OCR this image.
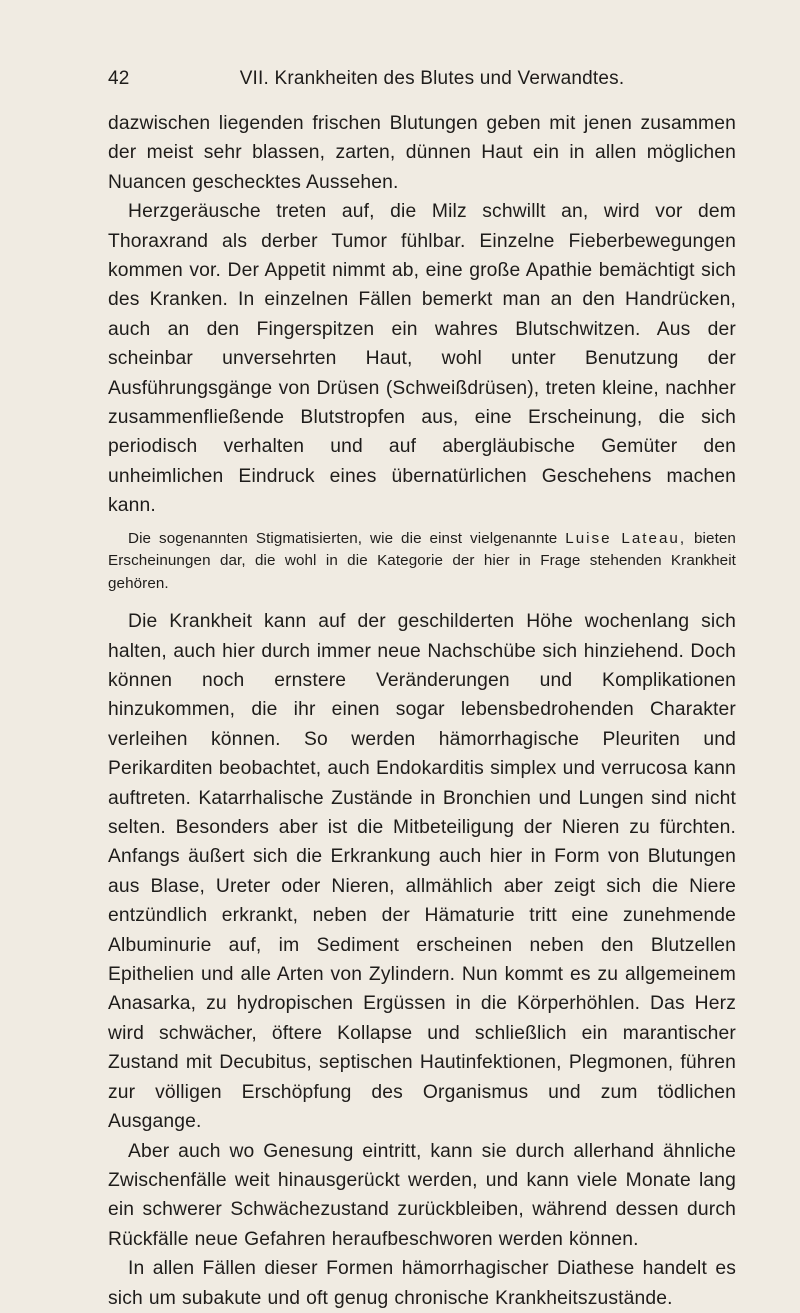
42	VII. Krankheiten des Blutes und Verwandtes.

dazwischen liegenden frischen Blutungen geben mit jenen zusammen der meist sehr blassen, zarten, dünnen Haut ein in allen möglichen Nuancen geschecktes Aussehen.

Herzgeräusche treten auf, die Milz schwillt an, wird vor dem Thoraxrand als derber Tumor fühlbar. Einzelne Fieberbewegungen kommen vor. Der Appetit nimmt ab, eine große Apathie bemächtigt sich des Kranken. In einzelnen Fällen bemerkt man an den Handrücken, auch an den Fingerspitzen ein wahres Blutschwitzen. Aus der scheinbar unversehrten Haut, wohl unter Benutzung der Ausführungsgänge von Drüsen (Schweißdrüsen), treten kleine, nachher zusammenfließende Blutstropfen aus, eine Erscheinung, die sich periodisch verhalten und auf abergläubische Gemüter den unheimlichen Eindruck eines übernatürlichen Geschehens machen kann.

Die sogenannten Stigmatisierten, wie die einst vielgenannte Luise Lateau, bieten Erscheinungen dar, die wohl in die Kategorie der hier in Frage stehenden Krankheit gehören.

Die Krankheit kann auf der geschilderten Höhe wochenlang sich halten, auch hier durch immer neue Nachschübe sich hinziehend. Doch können noch ernstere Veränderungen und Komplikationen hinzukommen, die ihr einen sogar lebensbedrohenden Charakter verleihen können. So werden hämorrhagische Pleuriten und Perikarditen beobachtet, auch Endokarditis simplex und verrucosa kann auftreten. Katarrhalische Zustände in Bronchien und Lungen sind nicht selten. Besonders aber ist die Mitbeteiligung der Nieren zu fürchten. Anfangs äußert sich die Erkrankung auch hier in Form von Blutungen aus Blase, Ureter oder Nieren, allmählich aber zeigt sich die Niere entzündlich erkrankt, neben der Hämaturie tritt eine zunehmende Albuminurie auf, im Sediment erscheinen neben den Blutzellen Epithelien und alle Arten von Zylindern. Nun kommt es zu allgemeinem Anasarka, zu hydropischen Ergüssen in die Körperhöhlen. Das Herz wird schwächer, öftere Kollapse und schließlich ein marantischer Zustand mit Decubitus, septischen Hautinfektionen, Plegmonen, führen zur völligen Erschöpfung des Organismus und zum tödlichen Ausgange.

Aber auch wo Genesung eintritt, kann sie durch allerhand ähnliche Zwischenfälle weit hinausgerückt werden, und kann viele Monate lang ein schwerer Schwächezustand zurückbleiben, während dessen durch Rückfälle neue Gefahren heraufbeschworen werden können.

In allen Fällen dieser Formen hämorrhagischer Diathese handelt es sich um subakute und oft genug chronische Krankheitszustände.
